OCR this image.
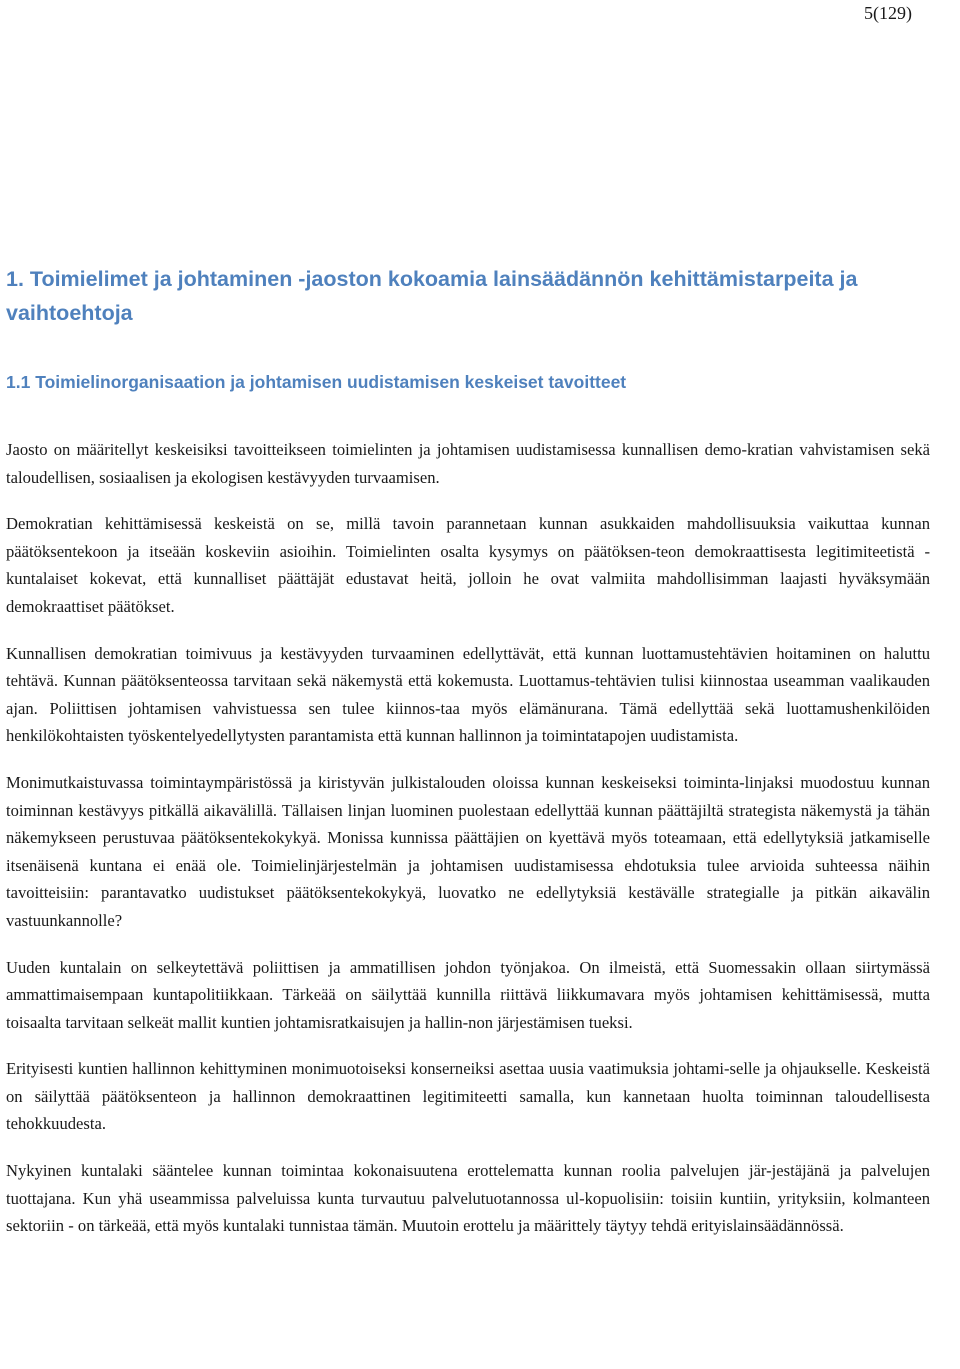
5(129)
1. Toimielimet ja johtaminen -jaoston kokoamia lainsäädännön kehittämistarpeita ja vaihtoehtoja
1.1 Toimielinorganisaation ja johtamisen uudistamisen keskeiset tavoitteet

Jaosto on määritellyt keskeisiksi tavoitteikseen toimielinten ja johtamisen uudistamisessa kunnallisen demo-kratian vahvistamisen sekä taloudellisen, sosiaalisen ja ekologisen kestävyyden turvaamisen.

Demokratian kehittämisessä keskeistä on se, millä tavoin parannetaan kunnan asukkaiden mahdollisuuksia vaikuttaa kunnan päätöksentekoon ja itseään koskeviin asioihin. Toimielinten osalta kysymys on päätöksen-teon demokraattisesta legitimiteetistä - kuntalaiset kokevat, että kunnalliset päättäjät edustavat heitä, jolloin he ovat valmiita mahdollisimman laajasti hyväksymään demokraattiset päätökset.

Kunnallisen demokratian toimivuus ja kestävyyden turvaaminen edellyttävät, että kunnan luottamustehtävien hoitaminen on haluttu tehtävä. Kunnan päätöksenteossa tarvitaan sekä näkemystä että kokemusta. Luottamus-tehtävien tulisi kiinnostaa useamman vaalikauden ajan. Poliittisen johtamisen vahvistuessa sen tulee kiinnos-taa myös elämänurana. Tämä edellyttää sekä luottamushenkilöiden henkilökohtaisten työskentelyedellytysten parantamista että kunnan hallinnon ja toimintatapojen uudistamista.

Monimutkaistuvassa toimintaympäristössä ja kiristyvän julkistalouden oloissa kunnan keskeiseksi toiminta-linjaksi muodostuu kunnan toiminnan kestävyys pitkällä aikavälillä. Tällaisen linjan luominen puolestaan edellyttää kunnan päättäjiltä strategista näkemystä ja tähän näkemykseen perustuvaa päätöksentekokykyä. Monissa kunnissa päättäjien on kyettävä myös toteamaan, että edellytyksiä jatkamiselle itsenäisenä kuntana ei enää ole. Toimielinjärjestelmän ja johtamisen uudistamisessa ehdotuksia tulee arvioida suhteessa näihin tavoitteisiin: parantavatko uudistukset päätöksentekokykyä, luovatko ne edellytyksiä kestävälle strategialle ja pitkän aikavälin vastuunkannolle?

Uuden kuntalain on selkeytettävä poliittisen ja ammatillisen johdon työnjakoa. On ilmeistä, että Suomessakin ollaan siirtymässä ammattimaisempaan kuntapolitiikkaan. Tärkeää on säilyttää kunnilla riittävä liikkumavara myös johtamisen kehittämisessä, mutta toisaalta tarvitaan selkeät mallit kuntien johtamisratkaisujen ja hallin-non järjestämisen tueksi.

Erityisesti kuntien hallinnon kehittyminen monimuotoiseksi konserneiksi asettaa uusia vaatimuksia johtami-selle ja ohjaukselle. Keskeistä on säilyttää päätöksenteon ja hallinnon demokraattinen legitimiteetti samalla, kun kannetaan huolta toiminnan taloudellisesta tehokkuudesta.

Nykyinen kuntalaki sääntelee kunnan toimintaa kokonaisuutena erottelematta kunnan roolia palvelujen jär-jestäjänä ja palvelujen tuottajana. Kun yhä useammissa palveluissa kunta turvautuu palvelutuotannossa ul-kopuolisiin: toisiin kuntiin, yrityksiin, kolmanteen sektoriin - on tärkeää, että myös kuntalaki tunnistaa tämän. Muutoin erottelu ja määrittely täytyy tehdä erityislainsäädännössä.
